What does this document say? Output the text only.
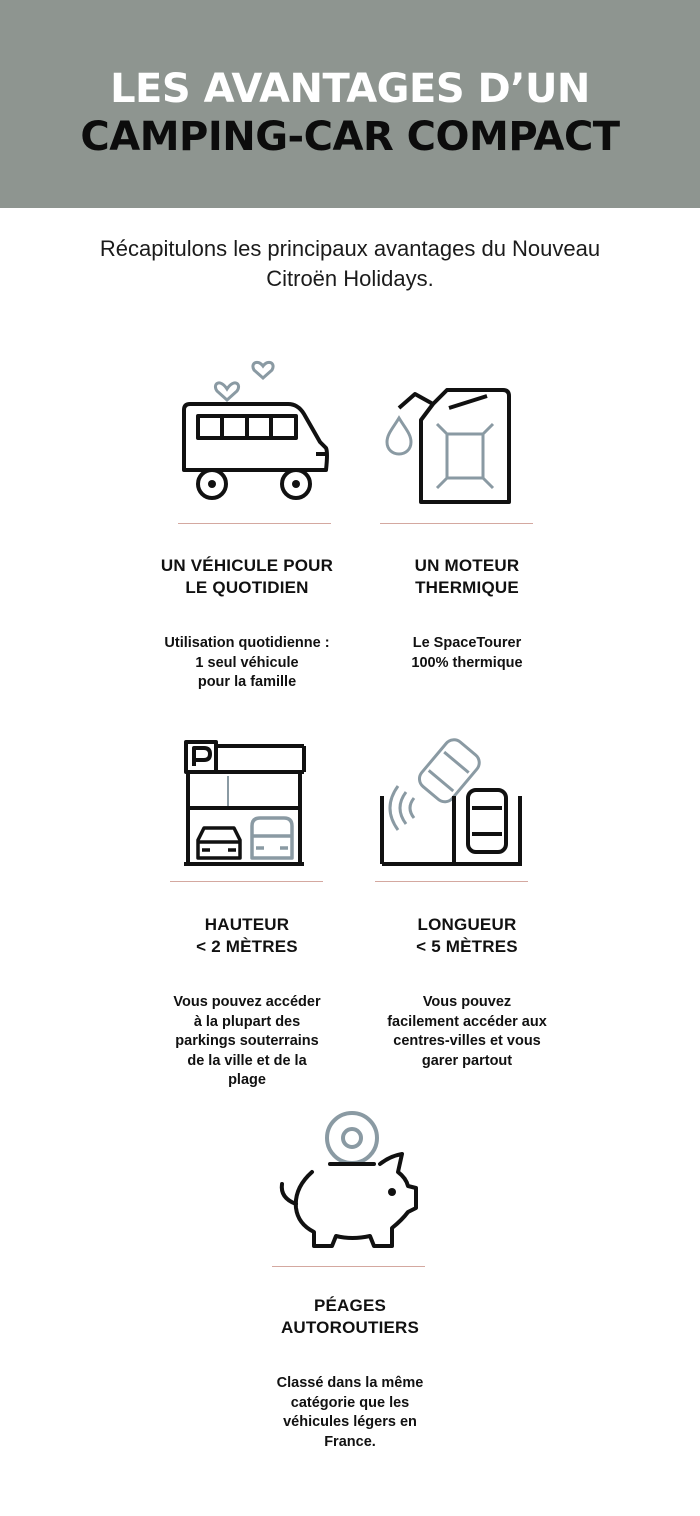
LES AVANTAGES D’UN
CAMPING-CAR COMPACT
Récapitulons les principaux avantages du Nouveau
Citroën Holidays.
UN VÉHICULE POUR
LE QUOTIDIEN
Utilisation quotidienne :
1 seul véhicule
pour la famille
UN MOTEUR
THERMIQUE
Le SpaceTourer
100% thermique
HAUTEUR
< 2 MÈTRES
Vous pouvez accéder
à la plupart des
parkings souterrains
de la ville et de la
plage
LONGUEUR
< 5 MÈTRES
Vous pouvez
facilement accéder aux
centres-villes et vous
garer partout
PÉAGES
AUTOROUTIERS
Classé dans la même
catégorie que les
véhicules légers en
France.
